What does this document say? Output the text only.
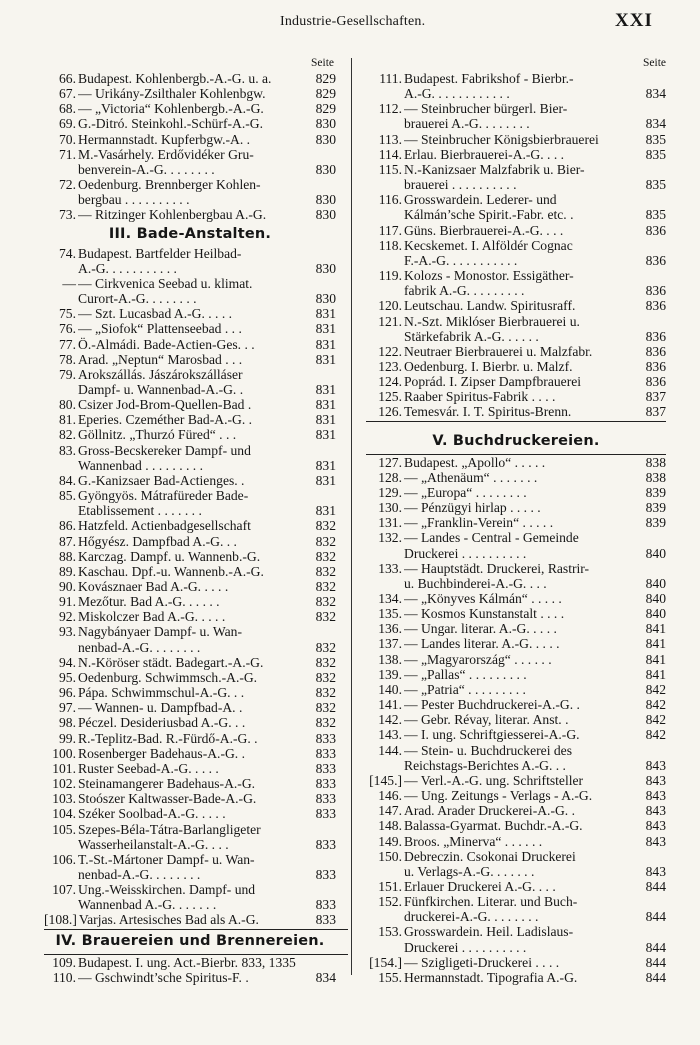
Industrie-Gesellschaften.	XXI
Seite
66. Budapest. Kohlenbergb.-A.-G. u. a.	829
67. — Urikány-Zsilthaler Kohlenbgw.	829
68. — „Victoria“ Kohlenbergb.-A.-G.	829
69. G.-Ditró. Steinkohl.-Schürf-A.-G.	830
70. Hermannstadt. Kupferbgw.-A. .	830
71. M.-Vasárhely. Erdővidéker Gru-
benverein-A.-G. . . . . . . .	830
72. Oedenburg. Brennberger Kohlen-
bergbau . . . . . . . . . .	830
73. — Ritzinger Kohlenbergbau A.-G.	830
III. Bade-Anstalten.
74. Budapest. Bartfelder Heilbad-
A.-G. . . . . . . . . . .	830
— — Cirkvenica Seebad u. klimat.
Curort-A.-G. . . . . . . .	830
75. — Szt. Lucasbad A.-G. . . . .	831
76. — „Siofok“ Plattenseebad . . .	831
77. Ö.-Almádi. Bade-Actien-Ges. . .	831
78. Arad. „Neptun“ Marosbad . . .	831
79. Arokszállás. Jászárokszálláser
Dampf- u. Wannenbad-A.-G. .	831
80. Csizer Jod-Brom-Quellen-Bad .	831
81. Eperies. Czeméther Bad-A.-G. .	831
82. Göllnitz. „Thurzó Füred“ . . .	831
83. Gross-Becskereker Dampf- und
Wannenbad . . . . . . . . .	831
84. G.-Kanizsaer Bad-Actienges. .	831
85. Gyöngyös. Mátrafüreder Bade-
Etablissement . . . . . . .	831
86. Hatzfeld. Actienbadgesellschaft	832
87. Hőgyész. Dampfbad A.-G. . .	832
88. Karczag. Dampf. u. Wannenb.-G.	832
89. Kaschau. Dpf.-u. Wannenb.-A.-G.	832
90. Kovásznaer Bad A.-G. . . . .	832
91. Mezőtur. Bad A.-G. . . . . .	832
92. Miskolczer Bad A.-G. . . . .	832
93. Nagybányaer Dampf- u. Wan-
nenbad-A.-G. . . . . . . .	832
94. N.-Köröser städt. Badegart.-A.-G.	832
95. Oedenburg. Schwimmsch.-A.-G.	832
96. Pápa. Schwimmschul-A.-G. . .	832
97. — Wannen- u. Dampfbad-A. .	832
98. Péczel. Desideriusbad A.-G. . .	832
99. R.-Teplitz-Bad. R.-Fürdő-A.-G. .	833
100. Rosenberger Badehaus-A.-G. .	833
101. Ruster Seebad-A.-G. . . . .	833
102. Steinamangerer Badehaus-A.-G.	833
103. Stoószer Kaltwasser-Bade-A.-G.	833
104. Széker Soolbad-A.-G. . . . .	833
105. Szepes-Béla-Tátra-Barlangligeter
Wasserheilanstalt-A.-G. . . .	833
106. T.-St.-Mártoner Dampf- u. Wan-
nenbad-A.-G. . . . . . . .	833
107. Ung.-Weisskirchen. Dampf- und
Wannenbad A.-G. . . . . . .	833
[108.] Varjas. Artesisches Bad als A.-G.	833
IV. Brauereien und Brennereien.
109. Budapest. I. ung. Act.-Bierbr. 833, 1335
110. — Gschwindt’sche Spiritus-F. .	834
Seite
111. Budapest. Fabrikshof - Bierbr.-
A.-G. . . . . . . . . . . .	834
112. — Steinbrucher bürgerl. Bier-
brauerei A.-G. . . . . . . .	834
113. — Steinbrucher Königsbierbrauerei	835
114. Erlau. Bierbrauerei-A.-G. . . .	835
115. N.-Kanizsaer Malzfabrik u. Bier-
brauerei . . . . . . . . . .	835
116. Grosswardein. Lederer- und
Kálmán’sche Spirit.-Fabr. etc. .	835
117. Güns. Bierbrauerei-A.-G. . . .	836
118. Kecskemet. I. Alföldér Cognac
F.-A.-G. . . . . . . . . . .	836
119. Kolozs - Monostor. Essigäther-
fabrik A.-G. . . . . . . . .	836
120. Leutschau. Landw. Spiritusraff.	836
121. N.-Szt. Miklóser Bierbrauerei u.
Stärkefabrik A.-G. . . . . .	836
122. Neutraer Bierbrauerei u. Malzfabr.	836
123. Oedenburg. I. Bierbr. u. Malzf.	836
124. Poprád. I. Zipser Dampfbrauerei	836
125. Raaber Spiritus-Fabrik . . . .	837
126. Temesvár. I. T. Spiritus-Brenn.	837
V. Buchdruckereien.
127. Budapest. „Apollo“ . . . . .	838
128. — „Athenäum“ . . . . . . .	838
129. — „Europa“ . . . . . . . .	839
130. — Pénzügyi hirlap . . . . .	839
131. — „Franklin-Verein“ . . . . .	839
132. — Landes - Central - Gemeinde
Druckerei . . . . . . . . . .	840
133. — Hauptstädt. Druckerei, Rastrir-
u. Buchbinderei-A.-G. . . .	840
134. — „Könyves Kálmán“ . . . . .	840
135. — Kosmos Kunstanstalt . . . .	840
136. — Ungar. literar. A.-G. . . . .	841
137. — Landes literar. A.-G. . . . .	841
138. — „Magyarország“ . . . . . .	841
139. — „Pallas“ . . . . . . . . .	841
140. — „Patria“ . . . . . . . . .	842
141. — Pester Buchdruckerei-A.-G. .	842
142. — Gebr. Révay, literar. Anst. .	842
143. — I. ung. Schriftgiesserei-A.-G.	842
144. — Stein- u. Buchdruckerei des
Reichstags-Berichtes A.-G. . .	843
[145.] — Verl.-A.-G. ung. Schriftsteller	843
146. — Ung. Zeitungs - Verlags - A.-G.	843
147. Arad. Arader Druckerei-A.-G. .	843
148. Balassa-Gyarmat. Buchdr.-A.-G.	843
149. Broos. „Minerva“ . . . . . .	843
150. Debreczin. Csokonai Druckerei
u. Verlags-A.-G. . . . . . .	843
151. Erlauer Druckerei A.-G. . . .	844
152. Fünfkirchen. Literar. und Buch-
druckerei-A.-G. . . . . . . .	844
153. Grosswardein. Heil. Ladislaus-
Druckerei . . . . . . . . . .	844
[154.] — Szigligeti-Druckerei . . . .	844
155. Hermannstadt. Tipografia A.-G.	844
